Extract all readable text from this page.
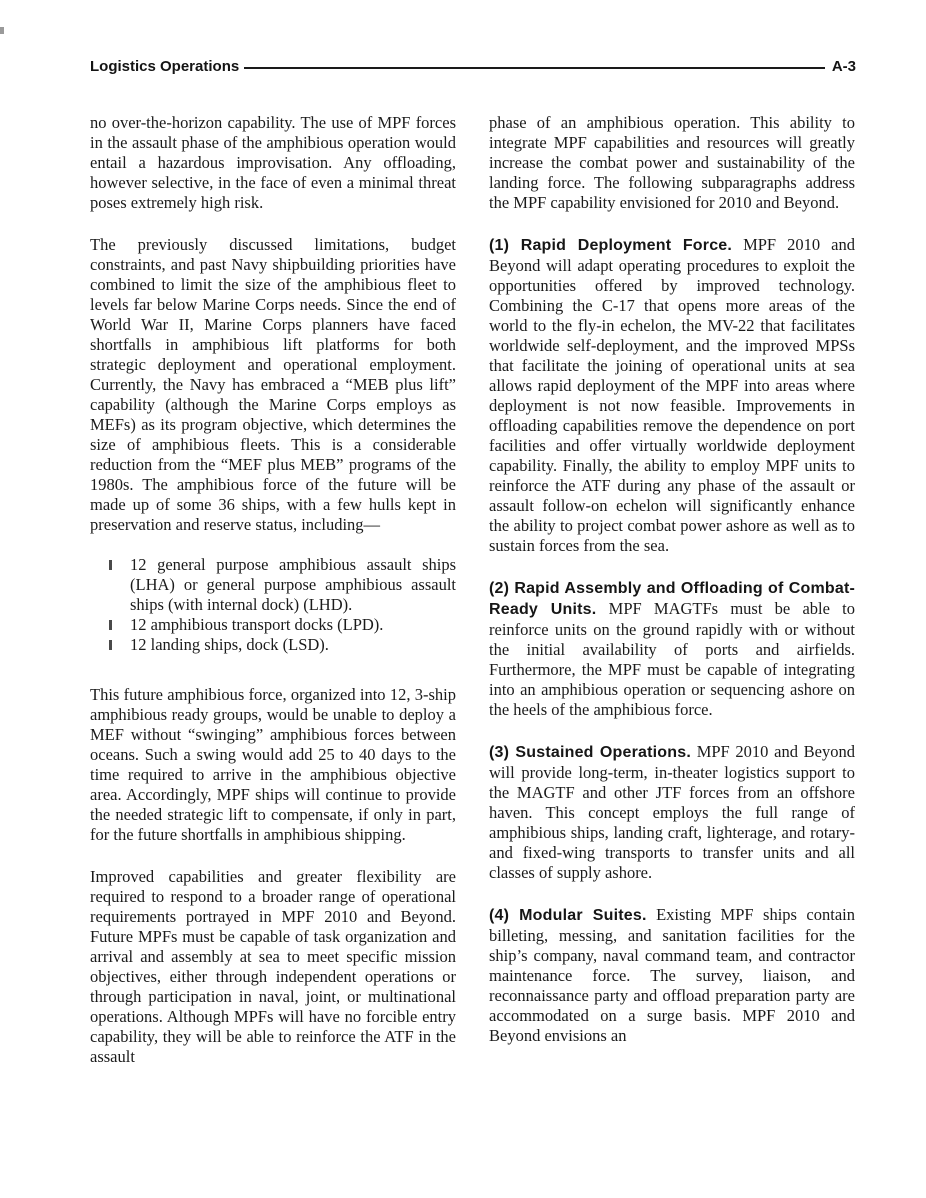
Logistics Operations	A-3

no over-the-horizon capability. The use of MPF forces in the assault phase of the amphibious operation would entail a hazardous improvisation. Any offloading, however selective, in the face of even a minimal threat poses extremely high risk.

The previously discussed limitations, budget constraints, and past Navy shipbuilding priorities have combined to limit the size of the amphibious fleet to levels far below Marine Corps needs. Since the end of World War II, Marine Corps planners have faced shortfalls in amphibious lift platforms for both strategic deployment and operational employment. Currently, the Navy has embraced a “MEB plus lift” capability (although the Marine Corps employs as MEFs) as its program objective, which determines the size of amphibious fleets. This is a considerable reduction from the “MEF plus MEB” programs of the 1980s. The amphibious force of the future will be made up of some 36 ships, with a few hulls kept in preservation and reserve status, including—

12 general purpose amphibious assault ships (LHA) or general purpose amphibious assault ships (with internal dock) (LHD).
12 amphibious transport docks (LPD).
12 landing ships, dock (LSD).

This future amphibious force, organized into 12, 3-ship amphibious ready groups, would be unable to deploy a MEF without “swinging” amphibious forces between oceans. Such a swing would add 25 to 40 days to the time required to arrive in the amphibious objective area. Accordingly, MPF ships will continue to provide the needed strategic lift to compensate, if only in part, for the future shortfalls in amphibious shipping.

Improved capabilities and greater flexibility are required to respond to a broader range of operational requirements portrayed in MPF 2010 and Beyond. Future MPFs must be capable of task organization and arrival and assembly at sea to meet specific mission objectives, either through independent operations or through participation in naval, joint, or multinational operations. Although MPFs will have no forcible entry capability, they will be able to reinforce the ATF in the assault

phase of an amphibious operation. This ability to integrate MPF capabilities and resources will greatly increase the combat power and sustainability of the landing force. The following subparagraphs address the MPF capability envisioned for 2010 and Beyond.

(1) Rapid Deployment Force. MPF 2010 and Beyond will adapt operating procedures to exploit the opportunities offered by improved technology. Combining the C-17 that opens more areas of the world to the fly-in echelon, the MV-22 that facilitates worldwide self-deployment, and the improved MPSs that facilitate the joining of operational units at sea allows rapid deployment of the MPF into areas where deployment is not now feasible. Improvements in offloading capabilities remove the dependence on port facilities and offer virtually worldwide deployment capability. Finally, the ability to employ MPF units to reinforce the ATF during any phase of the assault or assault follow-on echelon will significantly enhance the ability to project combat power ashore as well as to sustain forces from the sea.

(2) Rapid Assembly and Offloading of Combat-Ready Units. MPF MAGTFs must be able to reinforce units on the ground rapidly with or without the initial availability of ports and airfields. Furthermore, the MPF must be capable of integrating into an amphibious operation or sequencing ashore on the heels of the amphibious force.

(3) Sustained Operations. MPF 2010 and Beyond will provide long-term, in-theater logistics support to the MAGTF and other JTF forces from an offshore haven. This concept employs the full range of amphibious ships, landing craft, lighterage, and rotary- and fixed-wing transports to transfer units and all classes of supply ashore.

(4) Modular Suites. Existing MPF ships contain billeting, messing, and sanitation facilities for the ship’s company, naval command team, and contractor maintenance force. The survey, liaison, and reconnaissance party and offload preparation party are accommodated on a surge basis. MPF 2010 and Beyond envisions an
